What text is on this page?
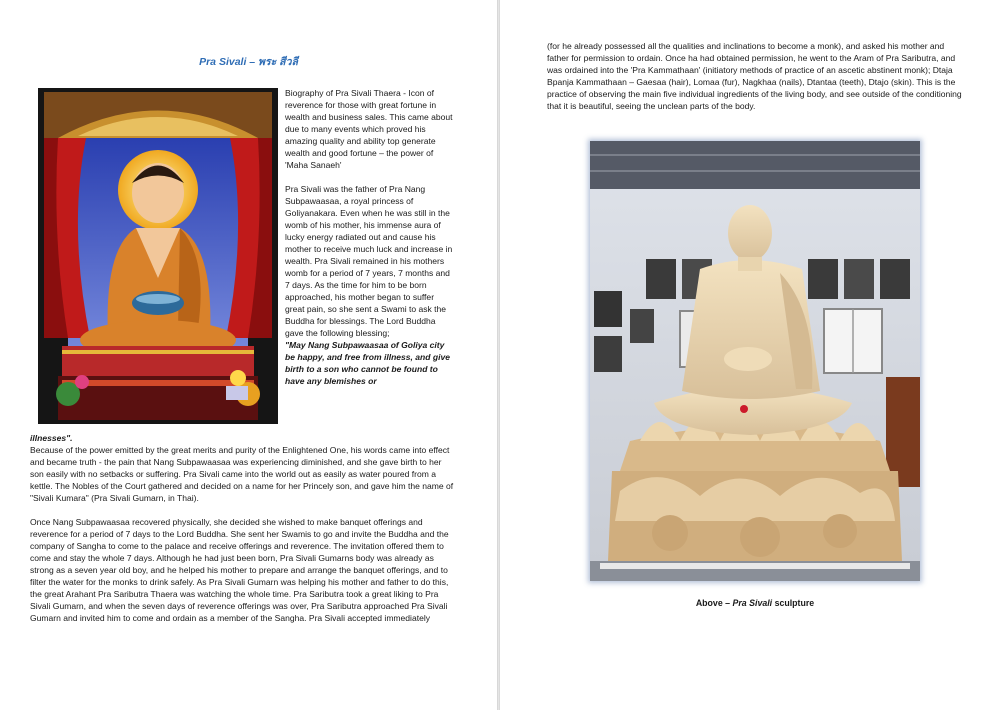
Pra Sivali – พระ สีวลี

Biography of Pra Sivali Thaera - Icon of reverence for those with great fortune in wealth and business sales. This came about due to many events which proved his amazing quality and ability top generate wealth and good fortune – the power of 'Maha Sanaeh'

Pra Sivali was the father of Pra Nang Subpawaasaa, a royal princess of Goliyanakara. Even when he was still in the womb of his mother, his immense aura of lucky energy radiated out and cause his mother to receive much luck and increase in wealth. Pra Sivali remained in his mothers womb for a period of 7 years, 7 months and 7 days. As the time for him to be born approached, his mother began to suffer great pain, so she sent a Swami to ask the Buddha for blessings. The Lord Buddha gave the following blessing;

"May Nang Subpawaasaa of Goliya city be happy, and free from illness, and give birth to a son who cannot be found to have any blemishes or

illnesses".

Because of the power emitted by the great merits and purity of the Enlightened One, his words came into effect and became truth - the pain that Nang Subpawaasaa was experiencing diminished, and she gave birth to her son easily with no setbacks or suffering. Pra Sivali came into the world out as easily as water poured from a kettle. The Nobles of the Court gathered and decided on a name for her Princely son, and gave him the name of "Sivali Kumara" (Pra Sivali Gumarn, in Thai).

Once Nang Subpawaasaa recovered physically, she decided she wished to make banquet offerings and reverence for a period of 7 days to the Lord Buddha. She sent her Swamis to go and invite the Buddha and the company of Sangha to come to the palace and receive offerings and reverence. The invitation offered them to come and stay the whole 7 days. Although he had just been born, Pra Sivali Gumarns body was already as strong as a seven year old boy, and he helped his mother to prepare and arrange the banquet offerings, and to filter the water for the monks to drink safely. As Pra Sivali Gumarn was helping his mother and father to do this, the great Arahant Pra Saributra Thaera was watching the whole time. Pra Saributra took a great liking to Pra Sivali Gumarn, and when the seven days of reverence offerings was over, Pra Saributra approached Pra Sivali Gumarn and invited him to come and ordain as a member of the Sangha. Pra Sivali accepted immediately

(for he already possessed all the qualities and inclinations to become a monk), and asked his mother and father for permission to ordain. Once ha had obtained permission, he went to the Aram of Pra Saributra, and was ordained into the 'Pra Kammathaan' (initiatory methods of practice of an ascetic abstinent monk); Dtaja Bpanja Kammathaan – Gaesaa (hair), Lomaa (fur), Nagkhaa (nails), Dtantaa (teeth), Dtajo (skin). This is the practice of observing the main five individual ingredients of the living body, and see outside of the conditioning that it is beautiful, seeing the unclean parts of the body.
Above – Pra Sivali sculpture
